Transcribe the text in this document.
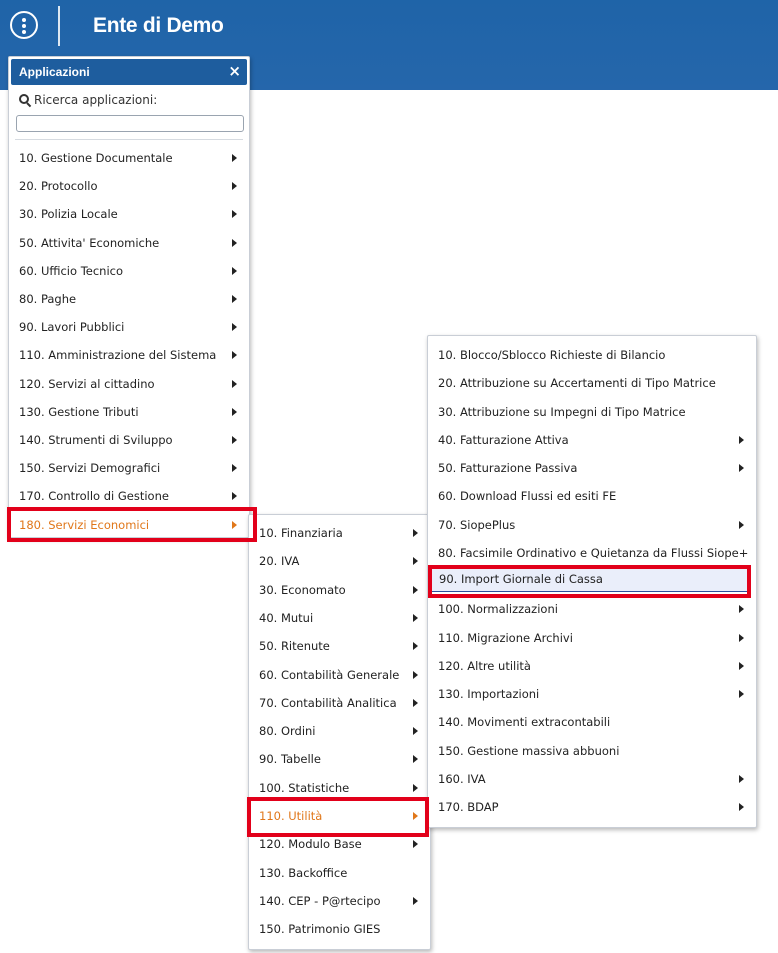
Ente di Demo
Applicazioni	×
Ricerca applicazioni:
10. Gestione Documentale
20. Protocollo
30. Polizia Locale
50. Attivita' Economiche
60. Ufficio Tecnico
80. Paghe
90. Lavori Pubblici
110. Amministrazione del Sistema
120. Servizi al cittadino
130. Gestione Tributi
140. Strumenti di Sviluppo
150. Servizi Demografici
170. Controllo di Gestione
180. Servizi Economici
10. Finanziaria
20. IVA
30. Economato
40. Mutui
50. Ritenute
60. Contabilità Generale
70. Contabilità Analitica
80. Ordini
90. Tabelle
100. Statistiche
110. Utilità
120. Modulo Base
130. Backoffice
140. CEP - P@rtecipo
150. Patrimonio GIES
10. Blocco/Sblocco Richieste di Bilancio
20. Attribuzione su Accertamenti di Tipo Matrice
30. Attribuzione su Impegni di Tipo Matrice
40. Fatturazione Attiva
50. Fatturazione Passiva
60. Download Flussi ed esiti FE
70. SiopePlus
80. Facsimile Ordinativo e Quietanza da Flussi Siope+
90. Import Giornale di Cassa
100. Normalizzazioni
110. Migrazione Archivi
120. Altre utilità
130. Importazioni
140. Movimenti extracontabili
150. Gestione massiva abbuoni
160. IVA
170. BDAP
